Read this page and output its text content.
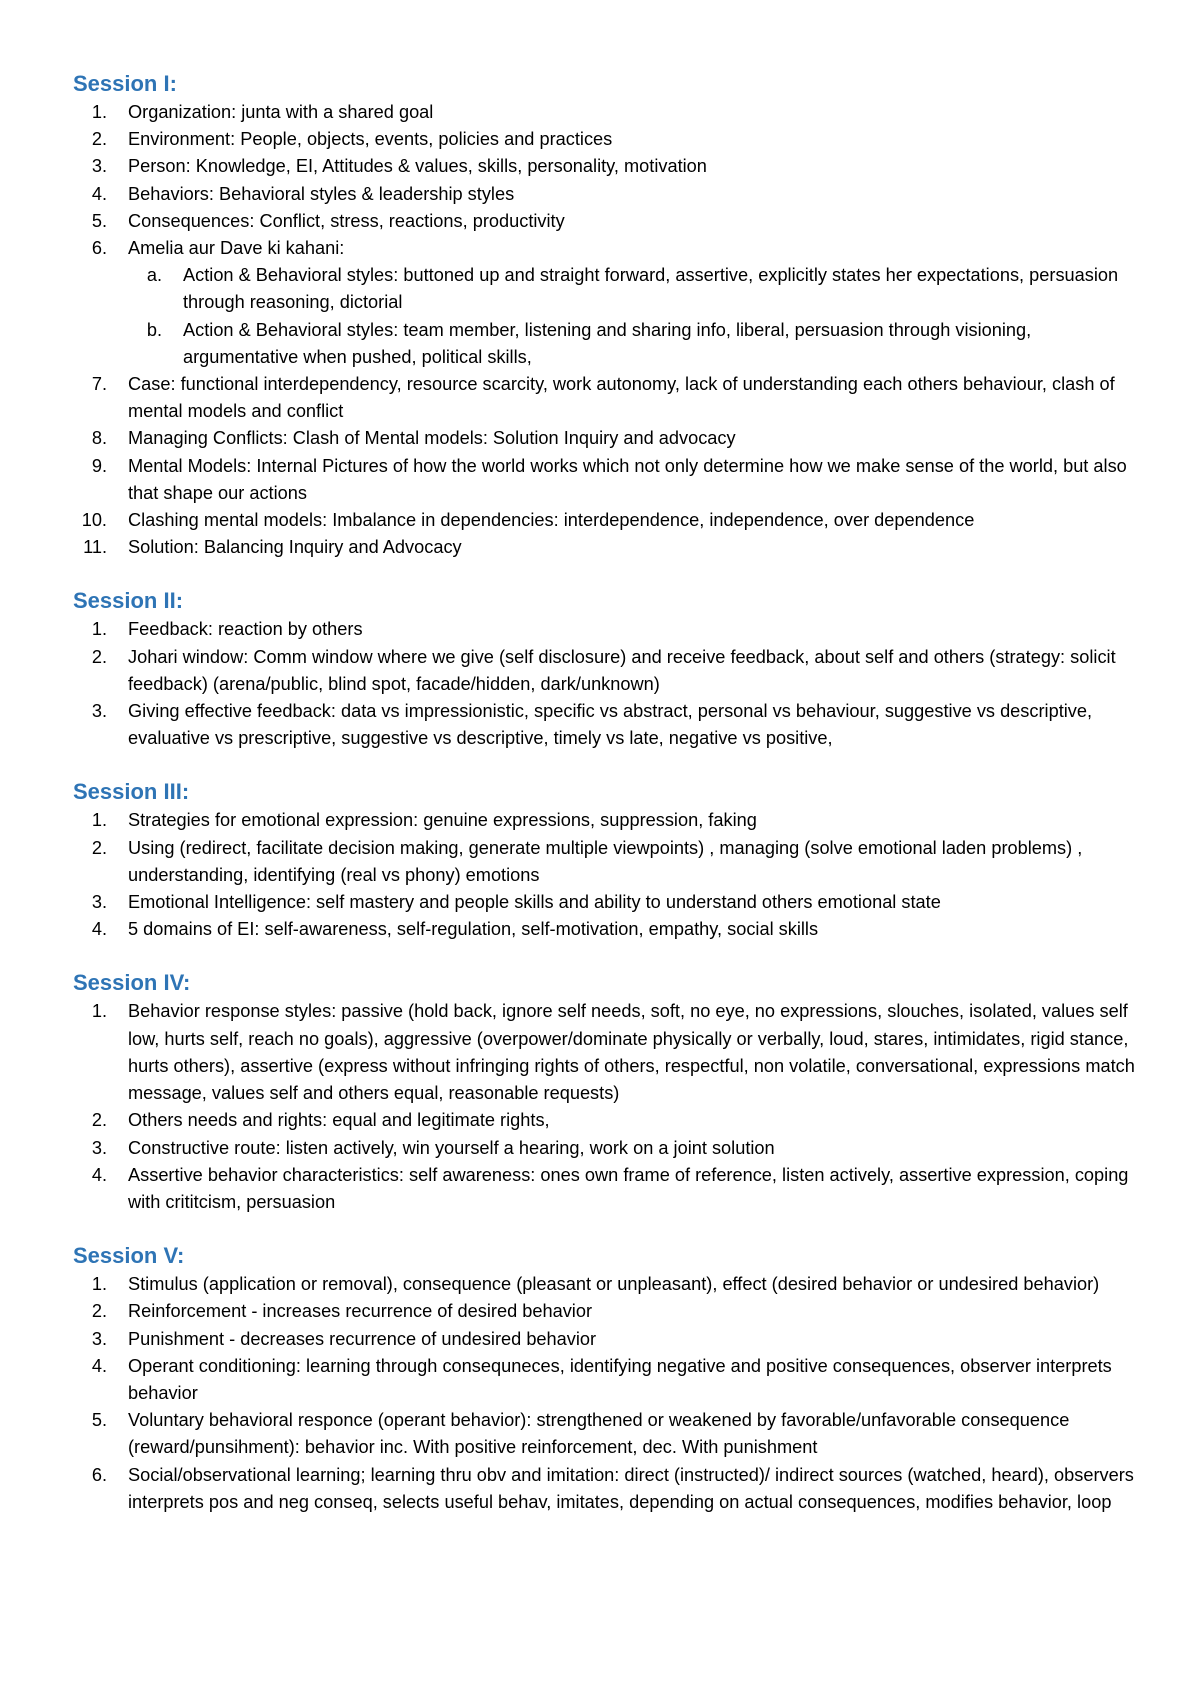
Session I:
1. Organization: junta with a shared goal
2. Environment: People, objects, events, policies and practices
3. Person: Knowledge, EI, Attitudes & values, skills, personality, motivation
4. Behaviors: Behavioral styles & leadership styles
5. Consequences: Conflict, stress, reactions, productivity
6. Amelia aur Dave ki kahani:
a. Action & Behavioral styles: buttoned up and straight forward, assertive, explicitly states her expectations, persuasion through reasoning, dictorial
b. Action & Behavioral styles: team member, listening and sharing info, liberal, persuasion through visioning, argumentative when pushed, political skills,
7. Case: functional interdependency, resource scarcity, work autonomy, lack of understanding each others behaviour, clash of mental models and conflict
8. Managing Conflicts: Clash of Mental models: Solution Inquiry and advocacy
9. Mental Models: Internal Pictures of how the world works which not only determine how we make sense of the world, but also that shape our actions
10. Clashing mental models: Imbalance in dependencies: interdependence, independence, over dependence
11. Solution: Balancing Inquiry and Advocacy
Session II:
1. Feedback: reaction by others
2. Johari window: Comm window where we give (self disclosure) and receive feedback, about self and others (strategy: solicit feedback) (arena/public, blind spot, facade/hidden, dark/unknown)
3. Giving effective feedback: data vs impressionistic, specific vs abstract, personal vs behaviour, suggestive vs descriptive, evaluative vs prescriptive, suggestive vs descriptive, timely vs late, negative vs positive,
Session III:
1. Strategies for emotional expression: genuine expressions, suppression, faking
2. Using (redirect, facilitate decision making, generate multiple viewpoints) , managing (solve emotional laden problems) , understanding, identifying (real vs phony) emotions
3. Emotional Intelligence: self mastery and people skills and ability to understand others emotional state
4. 5 domains of EI: self-awareness, self-regulation, self-motivation, empathy, social skills
Session IV:
1. Behavior response styles: passive (hold back, ignore self needs, soft, no eye, no expressions, slouches, isolated, values self low, hurts self, reach no goals), aggressive (overpower/dominate physically or verbally, loud, stares, intimidates, rigid stance, hurts others), assertive (express without infringing rights of others, respectful, non volatile, conversational, expressions match message, values self and others equal, reasonable requests)
2. Others needs and rights: equal and legitimate rights,
3. Constructive route: listen actively, win yourself a hearing, work on a joint solution
4. Assertive behavior characteristics: self awareness: ones own frame of reference, listen actively, assertive expression, coping with crititcism, persuasion
Session V:
1. Stimulus (application or removal), consequence (pleasant or unpleasant), effect (desired behavior or undesired behavior)
2. Reinforcement - increases recurrence of desired behavior
3. Punishment - decreases recurrence of undesired behavior
4. Operant conditioning: learning through consequneces, identifying negative and positive consequences, observer interprets behavior
5. Voluntary behavioral responce (operant behavior): strengthened or weakened by favorable/unfavorable consequence (reward/punsihment): behavior inc. With positive reinforcement, dec. With punishment
6. Social/observational learning; learning thru obv and imitation: direct (instructed)/ indirect sources (watched, heard), observers interprets pos and neg conseq, selects useful behav, imitates, depending on actual consequences, modifies behavior, loop
